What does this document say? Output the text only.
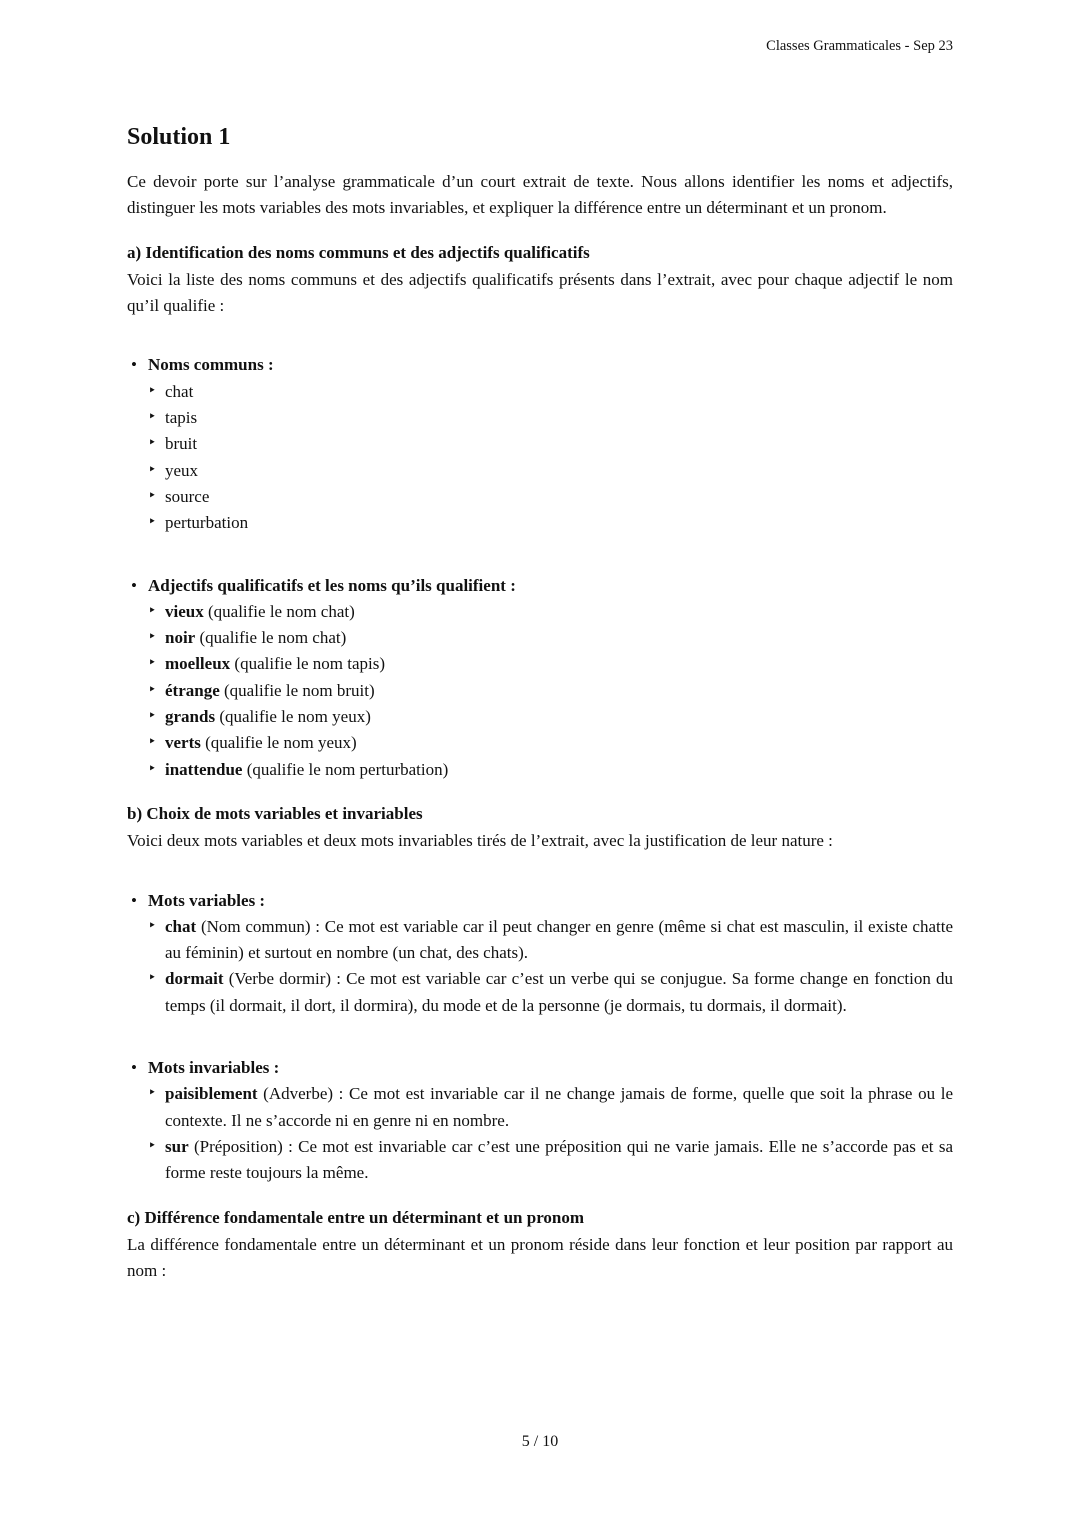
Classes Grammaticales - Sep 23
Solution 1

Ce devoir porte sur l’analyse grammaticale d’un court extrait de texte. Nous allons identifier les noms et adjectifs, distinguer les mots variables des mots invariables, et expliquer la différence entre un déterminant et un pronom.

a) Identification des noms communs et des adjectifs qualificatifs

Voici la liste des noms communs et des adjectifs qualificatifs présents dans l’extrait, avec pour chaque adjectif le nom qu’il qualifie :

• Noms communs :
‣ chat
‣ tapis
‣ bruit
‣ yeux
‣ source
‣ perturbation
• Adjectifs qualificatifs et les noms qu’ils qualifient :
‣ vieux (qualifie le nom chat)
‣ noir (qualifie le nom chat)
‣ moelleux (qualifie le nom tapis)
‣ étrange (qualifie le nom bruit)
‣ grands (qualifie le nom yeux)
‣ verts (qualifie le nom yeux)
‣ inattendue (qualifie le nom perturbation)
b) Choix de mots variables et invariables

Voici deux mots variables et deux mots invariables tirés de l’extrait, avec la justification de leur nature :

• Mots variables :
‣ chat (Nom commun) : Ce mot est variable car il peut changer en genre (même si chat est masculin, il existe chatte au féminin) et surtout en nombre (un chat, des chats).
‣ dormait (Verbe dormir) : Ce mot est variable car c’est un verbe qui se conjugue. Sa forme change en fonction du temps (il dormait, il dort, il dormira), du mode et de la personne (je dormais, tu dormais, il dormait).
• Mots invariables :
‣ paisiblement (Adverbe) : Ce mot est invariable car il ne change jamais de forme, quelle que soit la phrase ou le contexte. Il ne s’accorde ni en genre ni en nombre.
‣ sur (Préposition) : Ce mot est invariable car c’est une préposition qui ne varie jamais. Elle ne s’accorde pas et sa forme reste toujours la même.
c) Différence fondamentale entre un déterminant et un pronom

La différence fondamentale entre un déterminant et un pronom réside dans leur fonction et leur position par rapport au nom :

5 / 10
